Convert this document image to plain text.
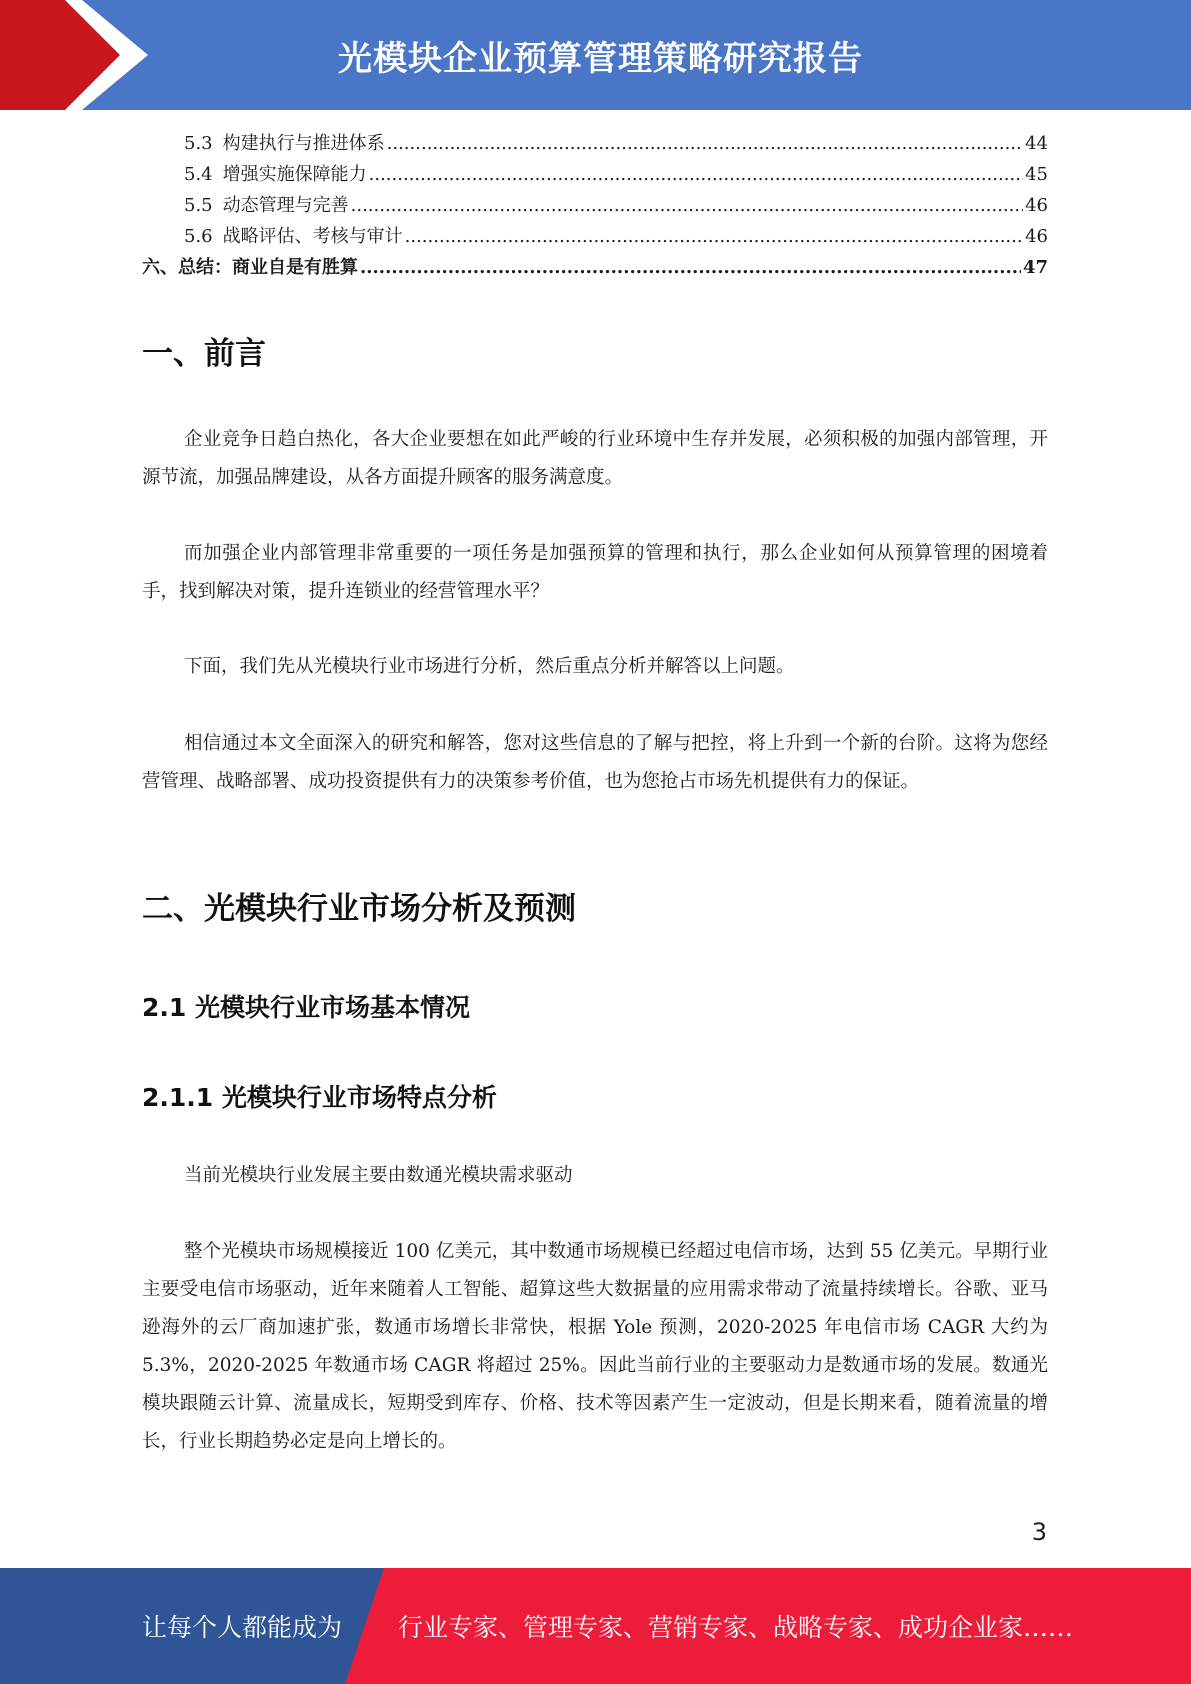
光模块企业预算管理策略研究报告
5.3 构建执行与推进体系 .....	44
5.4 增强实施保障能力 .....	45
5.5 动态管理与完善 .....	46
5.6 战略评估、考核与审计 .....	46
六、总结：商业自是有胜算 .....	47
一、前言

企业竞争日趋白热化，各大企业要想在如此严峻的行业环境中生存并发展，必须积极的加强内部管理，开源节流，加强品牌建设，从各方面提升顾客的服务满意度。

而加强企业内部管理非常重要的一项任务是加强预算的管理和执行，那么企业如何从预算管理的困境着手，找到解决对策，提升连锁业的经营管理水平？

下面，我们先从光模块行业市场进行分析，然后重点分析并解答以上问题。

相信通过本文全面深入的研究和解答，您对这些信息的了解与把控，将上升到一个新的台阶。这将为您经营管理、战略部署、成功投资提供有力的决策参考价值，也为您抢占市场先机提供有力的保证。

二、光模块行业市场分析及预测
2.1 光模块行业市场基本情况
2.1.1 光模块行业市场特点分析

当前光模块行业发展主要由数通光模块需求驱动

整个光模块市场规模接近 100 亿美元，其中数通市场规模已经超过电信市场，达到 55 亿美元。早期行业主要受电信市场驱动，近年来随着人工智能、超算这些大数据量的应用需求带动了流量持续增长。谷歌、亚马逊海外的云厂商加速扩张，数通市场增长非常快，根据 Yole 预测，2020-2025 年电信市场 CAGR 大约为 5.3%，2020-2025 年数通市场 CAGR 将超过 25%。因此当前行业的主要驱动力是数通市场的发展。数通光模块跟随云计算、流量成长，短期受到库存、价格、技术等因素产生一定波动，但是长期来看，随着流量的增长，行业长期趋势必定是向上增长的。

3
让每个人都能成为 行业专家、管理专家、营销专家、战略专家、成功企业家……
